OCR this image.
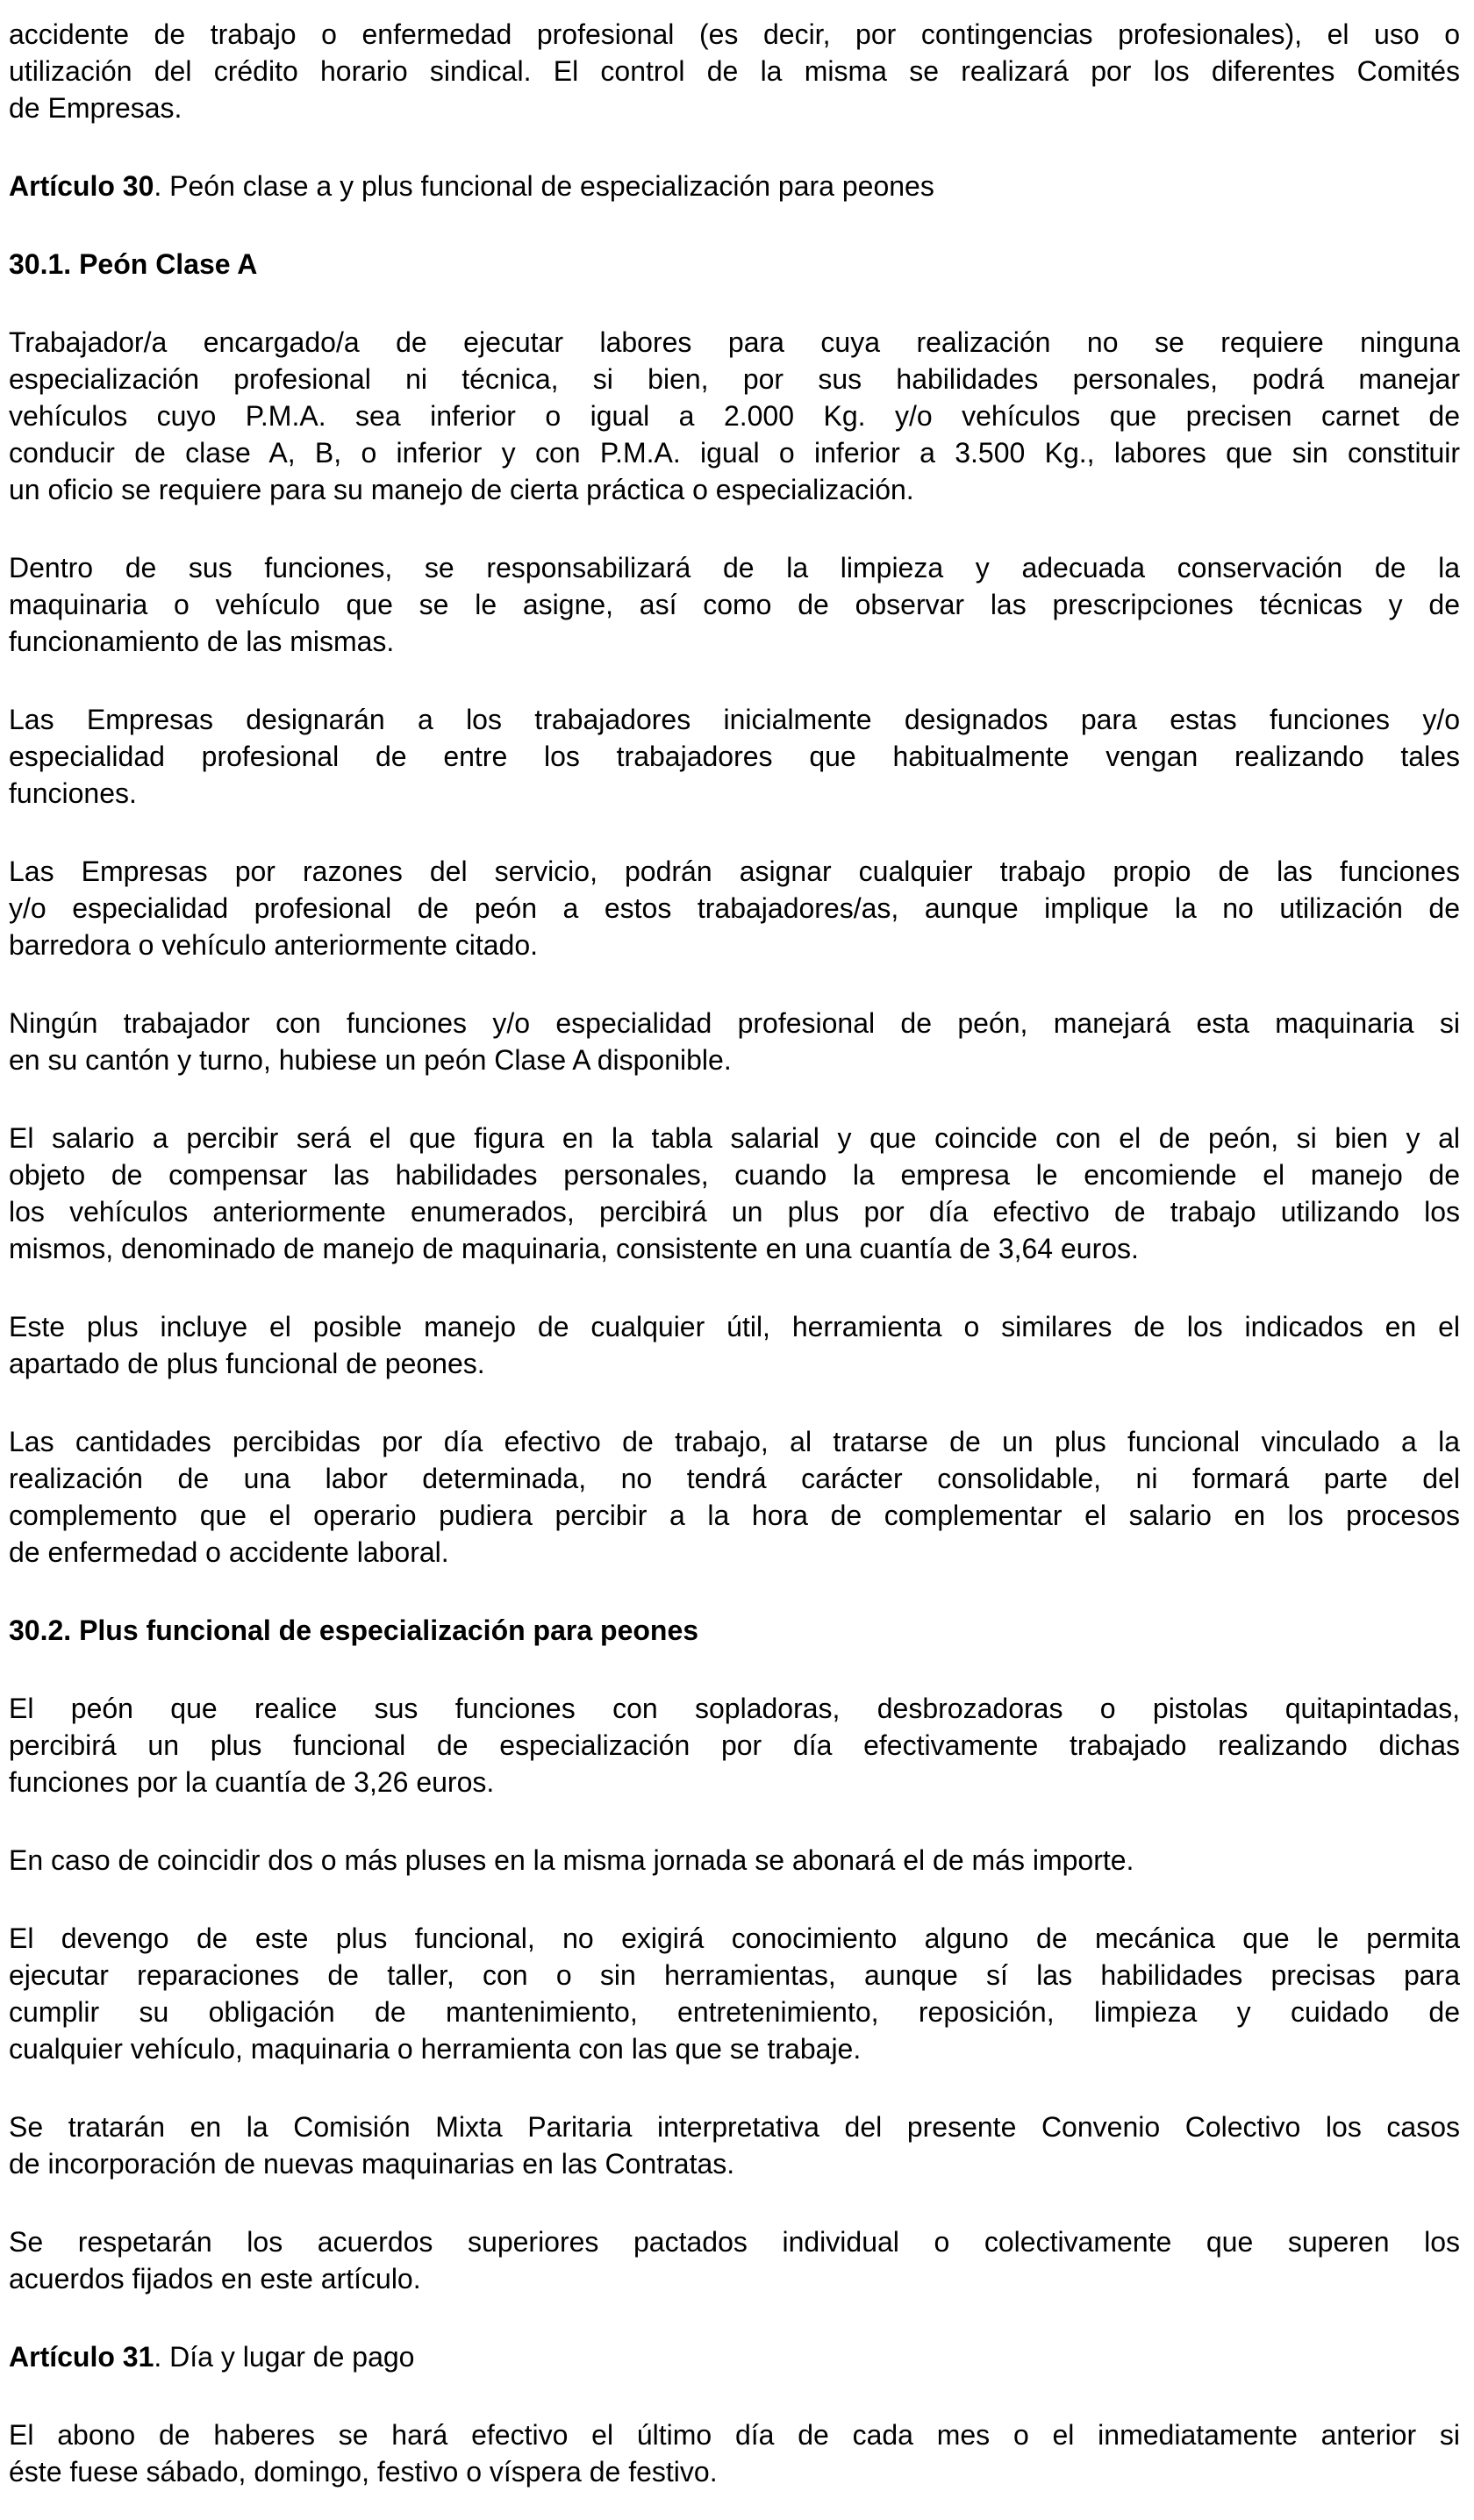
accidente de trabajo o enfermedad profesional (es decir, por contingencias profesionales), el uso o
utilización del crédito horario sindical. El control de la misma se realizará por los diferentes Comités
de Empresas.
Artículo 30. Peón clase a y plus funcional de especialización para peones
30.1. Peón Clase A
Trabajador/a encargado/a de ejecutar labores para cuya realización no se requiere ninguna
especialización profesional ni técnica, si bien, por sus habilidades personales, podrá manejar
vehículos cuyo P.M.A. sea inferior o igual a 2.000 Kg. y/o vehículos que precisen carnet de
conducir de clase A, B, o inferior y con P.M.A. igual o inferior a 3.500 Kg., labores que sin constituir
un oficio se requiere para su manejo de cierta práctica o especialización.
Dentro de sus funciones, se responsabilizará de la limpieza y adecuada conservación de la
maquinaria o vehículo que se le asigne, así como de observar las prescripciones técnicas y de
funcionamiento de las mismas.
Las Empresas designarán a los trabajadores inicialmente designados para estas funciones y/o
especialidad profesional de entre los trabajadores que habitualmente vengan realizando tales
funciones.
Las Empresas por razones del servicio, podrán asignar cualquier trabajo propio de las funciones
y/o especialidad profesional de peón a estos trabajadores/as, aunque implique la no utilización de
barredora o vehículo anteriormente citado.
Ningún trabajador con funciones y/o especialidad profesional de peón, manejará esta maquinaria si
en su cantón y turno, hubiese un peón Clase A disponible.
El salario a percibir será el que figura en la tabla salarial y que coincide con el de peón, si bien y al
objeto de compensar las habilidades personales, cuando la empresa le encomiende el manejo de
los vehículos anteriormente enumerados, percibirá un plus por día efectivo de trabajo utilizando los
mismos, denominado de manejo de maquinaria, consistente en una cuantía de 3,64 euros.
Este plus incluye el posible manejo de cualquier útil, herramienta o similares de los indicados en el
apartado de plus funcional de peones.
Las cantidades percibidas por día efectivo de trabajo, al tratarse de un plus funcional vinculado a la
realización de una labor determinada, no tendrá carácter consolidable, ni formará parte del
complemento que el operario pudiera percibir a la hora de complementar el salario en los procesos
de enfermedad o accidente laboral.
30.2. Plus funcional de especialización para peones
El peón que realice sus funciones con sopladoras, desbrozadoras o pistolas quitapintadas,
percibirá un plus funcional de especialización por día efectivamente trabajado realizando dichas
funciones por la cuantía de 3,26 euros.
En caso de coincidir dos o más pluses en la misma jornada se abonará el de más importe.
El devengo de este plus funcional, no exigirá conocimiento alguno de mecánica que le permita
ejecutar reparaciones de taller, con o sin herramientas, aunque sí las habilidades precisas para
cumplir su obligación de mantenimiento, entretenimiento, reposición, limpieza y cuidado de
cualquier vehículo, maquinaria o herramienta con las que se trabaje.
Se tratarán en la Comisión Mixta Paritaria interpretativa del presente Convenio Colectivo los casos
de incorporación de nuevas maquinarias en las Contratas.
Se respetarán los acuerdos superiores pactados individual o colectivamente que superen los
acuerdos fijados en este artículo.
Artículo 31. Día y lugar de pago
El abono de haberes se hará efectivo el último día de cada mes o el inmediatamente anterior si
éste fuese sábado, domingo, festivo o víspera de festivo.
